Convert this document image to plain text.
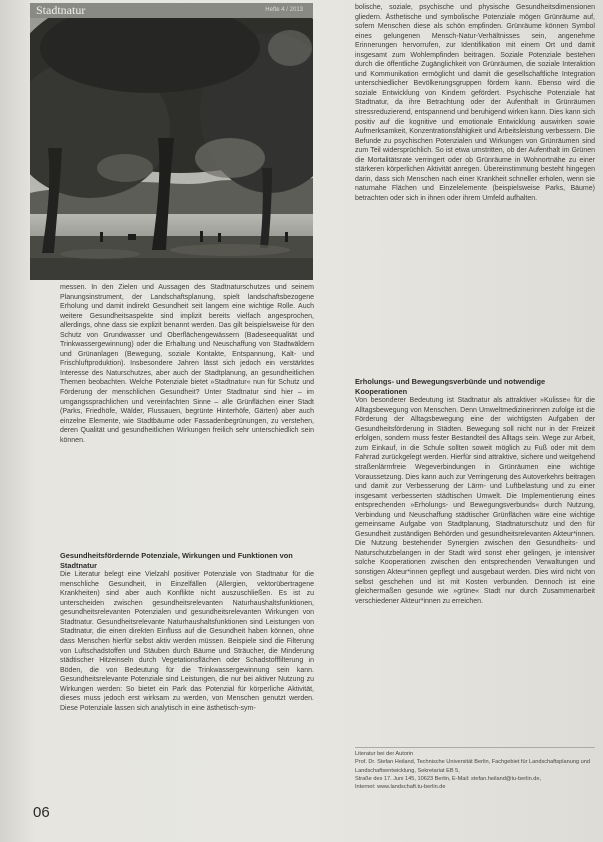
Stadtnatur	Hefte 4 / 2013

messen. In den Zielen und Aussagen des Stadtnaturschutzes und seinem Planungsinstrument, der Landschaftsplanung, spielt landschaftsbezogene Erholung und damit indirekt Gesundheit seit langem eine wichtige Rolle. Auch weitere Gesundheitsaspekte sind implizit bereits vielfach angesprochen, allerdings, ohne dass sie explizit benannt werden. Das gilt beispielsweise für den Schutz von Grundwasser und Oberflächengewässern (Badeseequalität und Trinkwassergewinnung) oder die Erhaltung und Neuschaffung von Stadtwäldern und Grünanlagen (Bewegung, soziale Kontakte, Entspannung, Kalt- und Frischluftproduktion). Insbesondere Jahren lässt sich jedoch ein verstärktes Interesse des Naturschutzes, aber auch der Stadtplanung, an gesundheitlichen Themen beobachten. Welche Potenziale bietet »Stadtnatur« nun für Schutz und Förderung der menschlichen Gesundheit? Unter Stadtnatur sind hier – im umgangssprachlichen und vereinfachten Sinne – alle Grünflächen einer Stadt (Parks, Friedhöfe, Wälder, Flussauen, begrünte Hinterhöfe, Gärten) aber auch einzelne Elemente, wie Stadtbäume oder Fassadenbegrünungen, zu verstehen, deren Qualität und gesundheitlichen Wirkungen freilich sehr unterschiedlich sein können.

Gesundheitsfördernde Potenziale, Wirkungen und Funktionen von Stadtnatur

Die Literatur belegt eine Vielzahl positiver Potenziale von Stadtnatur für die menschliche Gesundheit, in Einzelfällen (Allergien, vektorübertragene Krankheiten) sind aber auch Konflikte nicht auszuschließen. Es ist zu unterscheiden zwischen gesundheitsrelevanten Naturhaushaltsfunktionen, gesundheitsrelevanten Potenzialen und gesundheitsrelevanten Wirkungen von Stadtnatur. Gesundheitsrelevante Naturhaushaltsfunktionen sind Leistungen von Stadtnatur, die einen direkten Einfluss auf die Gesundheit haben können, ohne dass Menschen hierfür selbst aktiv werden müssen. Beispiele sind die Filterung von Luftschadstoffen und Stäuben durch Bäume und Sträucher, die Minderung städtischer Hitzeinseln durch Vegetationsflächen oder Schadstofffilterung in Böden, die von Bedeutung für die Trinkwassergewinnung sein kann. Gesundheitsrelevante Potenziale sind Leistungen, die nur bei aktiver Nutzung zu Wirkungen werden: So bietet ein Park das Potenzial für körperliche Aktivität, dieses muss jedoch erst wirksam zu werden, von Menschen genutzt werden. Diese Potenziale lassen sich analytisch in eine ästhetisch-sym-

bolische, soziale, psychische und physische Gesundheitsdimensionen gliedern. Ästhetische und symbolische Potenziale mögen Grünräume auf, sofern Menschen diese als schön empfinden. Grünräume können Symbol eines gelungenen Mensch-Natur-Verhältnisses sein, angenehme Erinnerungen hervorrufen, zur Identifikation mit einem Ort und damit insgesamt zum Wohlempfinden beitragen. Soziale Potenziale bestehen durch die öffentliche Zugänglichkeit von Grünräumen, die soziale Interaktion und Kommunikation ermöglicht und damit die gesellschaftliche Integration unterschiedlicher Bevölkerungsgruppen fördern kann. Ebenso wird die soziale Entwicklung von Kindern gefördert. Psychische Potenziale hat Stadtnatur, da ihre Betrachtung oder der Aufenthalt in Grünräumen stressreduzierend, entspannend und beruhigend wirken kann. Dies kann sich positiv auf die kognitive und emotionale Entwicklung auswirken sowie Aufmerksamkeit, Konzentrationsfähigkeit und Arbeitsleistung verbessern. Die Befunde zu psychischen Potenzialen und Wirkungen von Grünräumen sind zum Teil widersprüchlich. So ist etwa umstritten, ob der Aufenthalt im Grünen die Mortalitätsrate verringert oder ob Grünräume in Wohnortnähe zu einer stärkeren körperlichen Aktivität anregen. Übereinstimmung besteht hingegen darin, dass sich Menschen nach einer Krankheit schneller erholen, wenn sie naturnahe Flächen und Einzelelemente (beispielsweise Parks, Bäume) betrachten oder sich in ihnen oder ihrem Umfeld aufhalten.

Erholungs- und Bewegungsverbünde und notwendige Kooperationen

Von besonderer Bedeutung ist Stadtnatur als attraktiver »Kulisse« für die Alltagsbewegung von Menschen. Denn Umweltmedizinerinnen zufolge ist die Förderung der Alltagsbewegung eine der wichtigsten Aufgaben der Gesundheitsförderung in Städten. Bewegung soll nicht nur in der Freizeit erfolgen, sondern muss fester Bestandteil des Alltags sein. Wege zur Arbeit, zum Einkauf, in die Schule sollten soweit möglich zu Fuß oder mit dem Fahrrad zurückgelegt werden. Hierfür sind attraktive, sichere und weitgehend straßenlärmfreie Wegeverbindungen in Grünräumen eine wichtige Voraussetzung. Dies kann auch zur Verringerung des Autoverkehrs beitragen und damit zur Verbesserung der Lärm- und Luftbelastung und zu einer insgesamt verbesserten städtischen Umwelt. Die Implementierung eines entsprechenden »Erholungs- und Bewegungsverbunds« durch Nutzung, Verbindung und Neuschaffung städtischer Grünflächen wäre eine wichtige gemeinsame Aufgabe von Stadtplanung, Stadtnaturschutz und den für Gesundheit zuständigen Behörden und gesundheitsrelevanten Akteur*innen. Die Nutzung bestehender Synergien zwischen den Gesundheits- und Naturschutzbelangen in der Stadt wird sonst eher gelingen, je intensiver solche Kooperationen zwischen den entsprechenden Verwaltungen und sonstigen Akteur*innen gepflegt und ausgebaut werden. Dies wird nicht von selbst geschehen und ist mit Kosten verbunden. Dennoch ist eine gleichermaßen gesunde wie »grüne« Stadt nur durch Zusammenarbeit verschiedener Akteur*innen zu erreichen.

Literatur bei der Autorin
Prof. Dr. Stefan Heiland, Technische Universität Berlin, Fachgebiet für Landschaftsplanung und Landschaftsentwicklung, Sekretariat EB 5,
Straße des 17. Juni 145, 10623 Berlin, E-Mail: stefan.heiland@tu-berlin.de,
Internet: www.landschaft.tu-berlin.de
06
